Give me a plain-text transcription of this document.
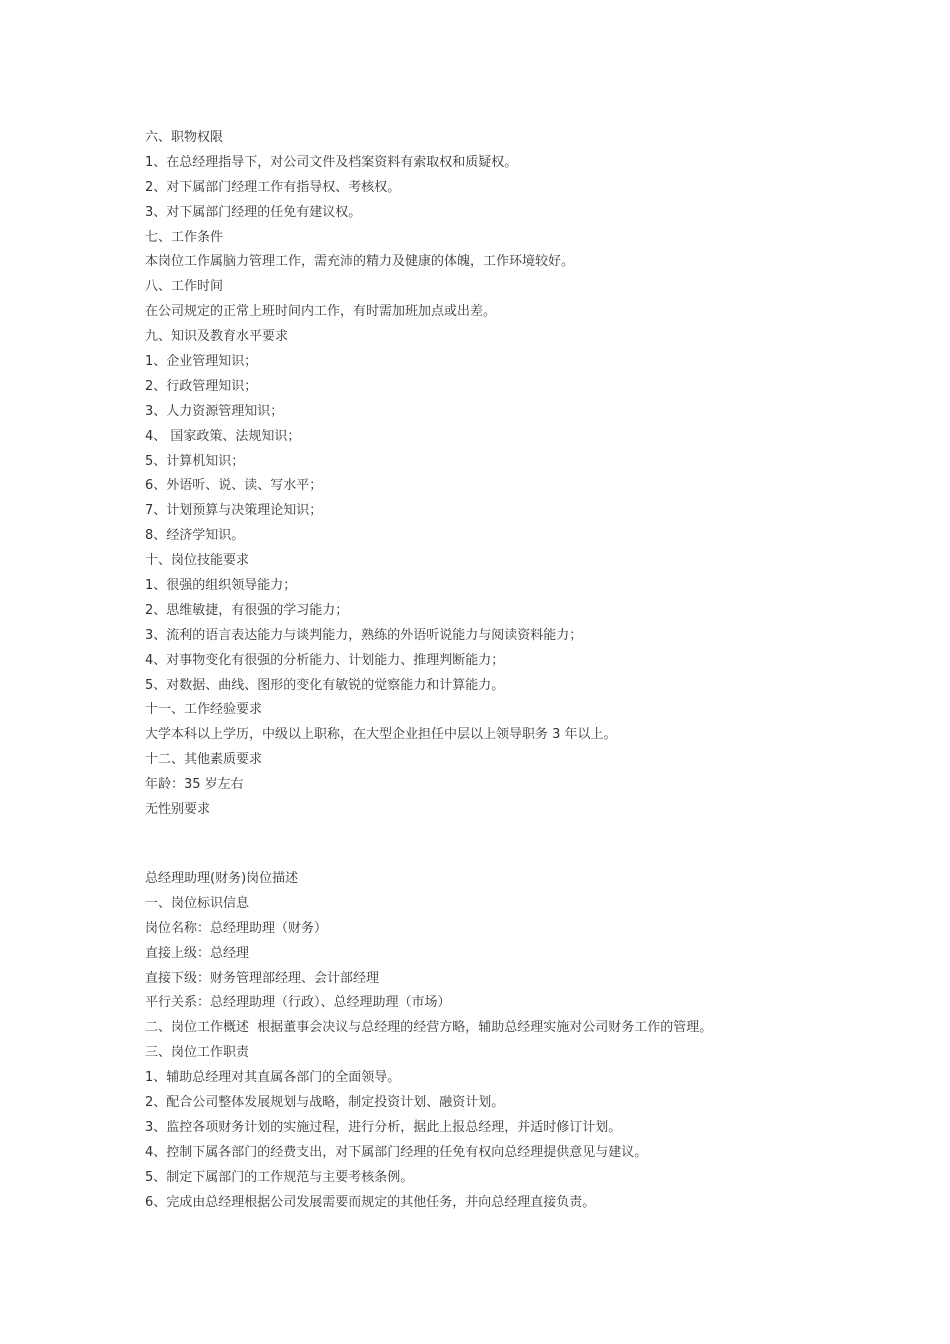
六、职物权限

1、在总经理指导下，对公司文件及档案资料有索取权和质疑权。

2、对下属部门经理工作有指导权、考核权。

3、对下属部门经理的任免有建议权。

七、工作条件

本岗位工作属脑力管理工作，需充沛的精力及健康的体魄，工作环境较好。

八、工作时间

在公司规定的正常上班时间内工作，有时需加班加点或出差。

九、知识及教育水平要求

1、企业管理知识；

2、行政管理知识；

3、人力资源管理知识；

4、 国家政策、法规知识；

5、计算机知识；

6、外语听、说、读、写水平；

7、计划预算与决策理论知识；

8、经济学知识。

十、岗位技能要求

1、很强的组织领导能力；

2、思维敏捷，有很强的学习能力；

3、流利的语言表达能力与谈判能力，熟练的外语听说能力与阅读资料能力；

4、对事物变化有很强的分析能力、计划能力、推理判断能力；

5、对数据、曲线、图形的变化有敏锐的觉察能力和计算能力。

十一、工作经验要求

大学本科以上学历，中级以上职称，在大型企业担任中层以上领导职务 3 年以上。

十二、其他素质要求

年龄：35 岁左右

无性别要求

总经理助理(财务)岗位描述

一、岗位标识信息

岗位名称：总经理助理（财务）

直接上级：总经理

直接下级：财务管理部经理、会计部经理

平行关系：总经理助理（行政）、总经理助理（市场）

二、岗位工作概述  根据董事会决议与总经理的经营方略，辅助总经理实施对公司财务工作的管理。

三、岗位工作职责

1、辅助总经理对其直属各部门的全面领导。

2、配合公司整体发展规划与战略，制定投资计划、融资计划。

3、监控各项财务计划的实施过程，进行分析，据此上报总经理，并适时修订计划。

4、控制下属各部门的经费支出，对下属部门经理的任免有权向总经理提供意见与建议。

5、制定下属部门的工作规范与主要考核条例。

6、完成由总经理根据公司发展需要而规定的其他任务，并向总经理直接负责。
